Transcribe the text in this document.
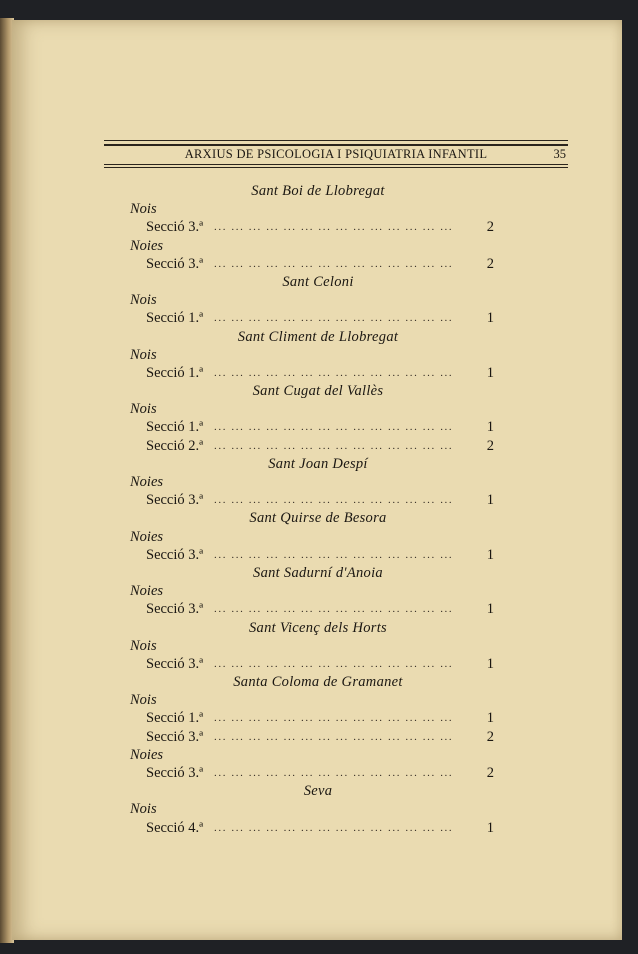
ARXIUS DE PSICOLOGIA I PSIQUIATRIA INFANTIL	35
Sant Boi de Llobregat
Nois
Secció 3.ª ... ... ... ... ... ... ... ... ... ... ... ... ... ...	2
Noies
Secció 3.ª ... ... ... ... ... ... ... ... ... ... ... ... ... ...	2
Sant Celoni
Nois
Secció 1.ª ... ... ... ... ... ... ... ... ... ... ... ... ... ...	1
Sant Climent de Llobregat
Nois
Secció 1.ª ... ... ... ... ... ... ... ... ... ... ... ... ... ...	1
Sant Cugat del Vallès
Nois
Secció 1.ª ... ... ... ... ... ... ... ... ... ... ... ... ... ...	1
Secció 2.ª ... ... ... ... ... ... ... ... ... ... ... ... ... ...	2
Sant Joan Despí
Noies
Secció 3.ª ... ... ... ... ... ... ... ... ... ... ... ... ... ...	1
Sant Quirse de Besora
Noies
Secció 3.ª ... ... ... ... ... ... ... ... ... ... ... ... ... ...	1
Sant Sadurní d'Anoia
Noies
Secció 3.ª ... ... ... ... ... ... ... ... ... ... ... ... ... ...	1
Sant Vicenç dels Horts
Nois
Secció 3.ª ... ... ... ... ... ... ... ... ... ... ... ... ... ...	1
Santa Coloma de Gramanet
Nois
Secció 1.ª ... ... ... ... ... ... ... ... ... ... ... ... ... ...	1
Secció 3.ª ... ... ... ... ... ... ... ... ... ... ... ... ... ...	2
Noies
Secció 3.ª ... ... ... ... ... ... ... ... ... ... ... ... ... ...	2
Seva
Nois
Secció 4.ª ... ... ... ... ... ... ... ... ... ... ... ... ... ...	1
